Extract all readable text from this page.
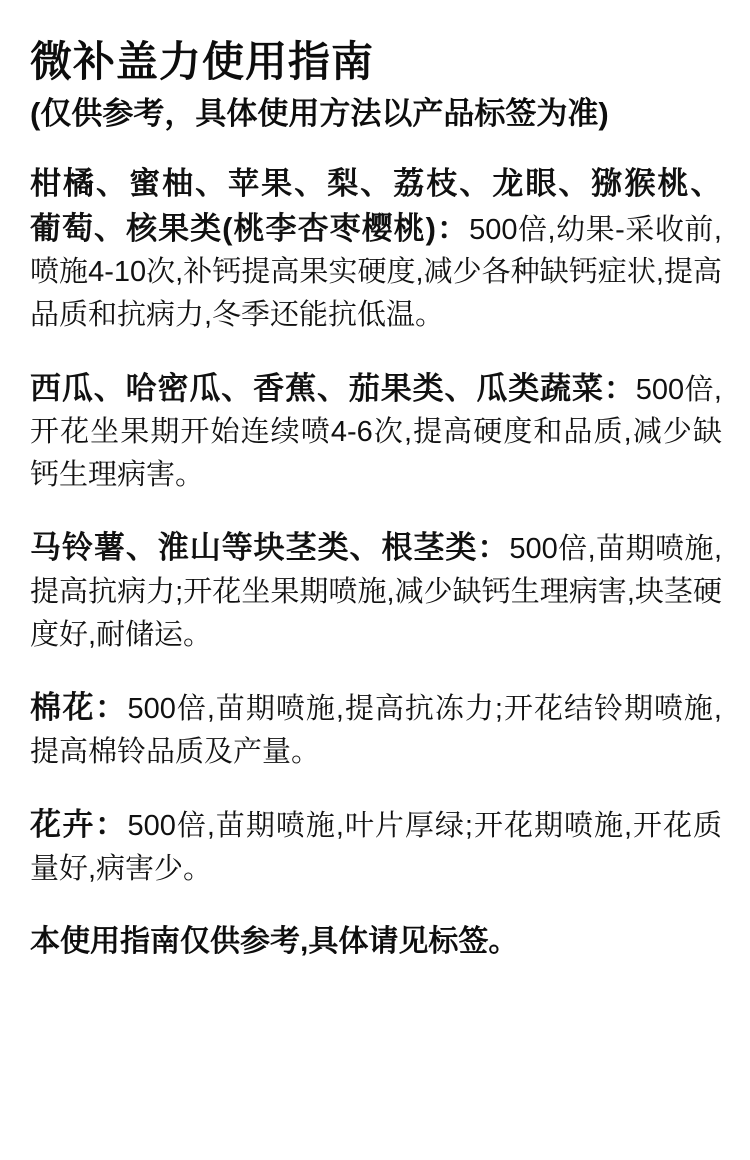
微补盖力使用指南
(仅供参考，具体使用方法以产品标签为准)

柑橘、蜜柚、苹果、梨、荔枝、龙眼、猕猴桃、葡萄、核果类(桃李杏枣樱桃)：500倍,幼果-采收前,喷施4-10次,补钙提高果实硬度,减少各种缺钙症状,提高品质和抗病力,冬季还能抗低温。

西瓜、哈密瓜、香蕉、茄果类、瓜类蔬菜：500倍,开花坐果期开始连续喷4-6次,提高硬度和品质,减少缺钙生理病害。

马铃薯、淮山等块茎类、根茎类：500倍,苗期喷施,提高抗病力;开花坐果期喷施,减少缺钙生理病害,块茎硬度好,耐储运。

棉花：500倍,苗期喷施,提高抗冻力;开花结铃期喷施,提高棉铃品质及产量。

花卉：500倍,苗期喷施,叶片厚绿;开花期喷施,开花质量好,病害少。

本使用指南仅供参考,具体请见标签。
